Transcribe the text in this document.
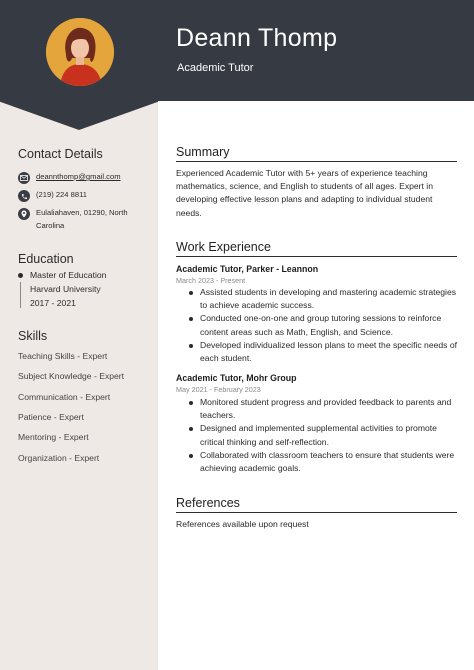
Deann Thomp
Academic Tutor
Contact Details
deannthomp@gmail.com
(219) 224 8811
Eulaliahaven, 01290, North Carolina
Education
Master of Education
Harvard University
2017 - 2021
Skills
Teaching Skills - Expert
Subject Knowledge - Expert
Communication - Expert
Patience - Expert
Mentoring - Expert
Organization - Expert
Summary

Experienced Academic Tutor with 5+ years of experience teaching mathematics, science, and English to students of all ages. Expert in developing effective lesson plans and adapting to individual student needs.

Work Experience
Academic Tutor, Parker - Leannon
March 2023 - Present
Assisted students in developing and mastering academic strategies to achieve academic success.
Conducted one-on-one and group tutoring sessions to reinforce content areas such as Math, English, and Science.
Developed individualized lesson plans to meet the specific needs of each student.
Academic Tutor, Mohr Group
May 2021 - February 2023
Monitored student progress and provided feedback to parents and teachers.
Designed and implemented supplemental activities to promote critical thinking and self-reflection.
Collaborated with classroom teachers to ensure that students were achieving academic goals.
References

References available upon request
